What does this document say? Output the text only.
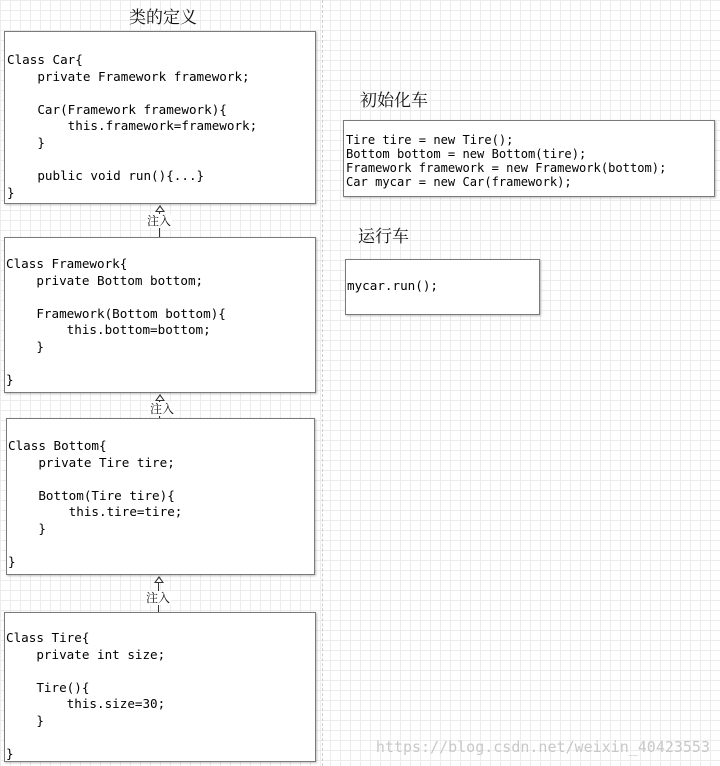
类的定义
Class Car{
private Framework framework;
Car(Framework framework){
this.framework=framework;
}
public void run(){...}
}
注入
Class Framework{
private Bottom bottom;
Framework(Bottom bottom){
this.bottom=bottom;
}
}
注入
Class Bottom{
private Tire tire;
Bottom(Tire tire){
this.tire=tire;
}
}
注入
Class Tire{
private int size;
Tire(){
this.size=30;
}
}
初始化车
Tire tire = new Tire();
Bottom bottom = new Bottom(tire);
Framework framework = new Framework(bottom);
Car mycar = new Car(framework);
运行车
mycar.run();
https://blog.csdn.net/weixin_40423553
